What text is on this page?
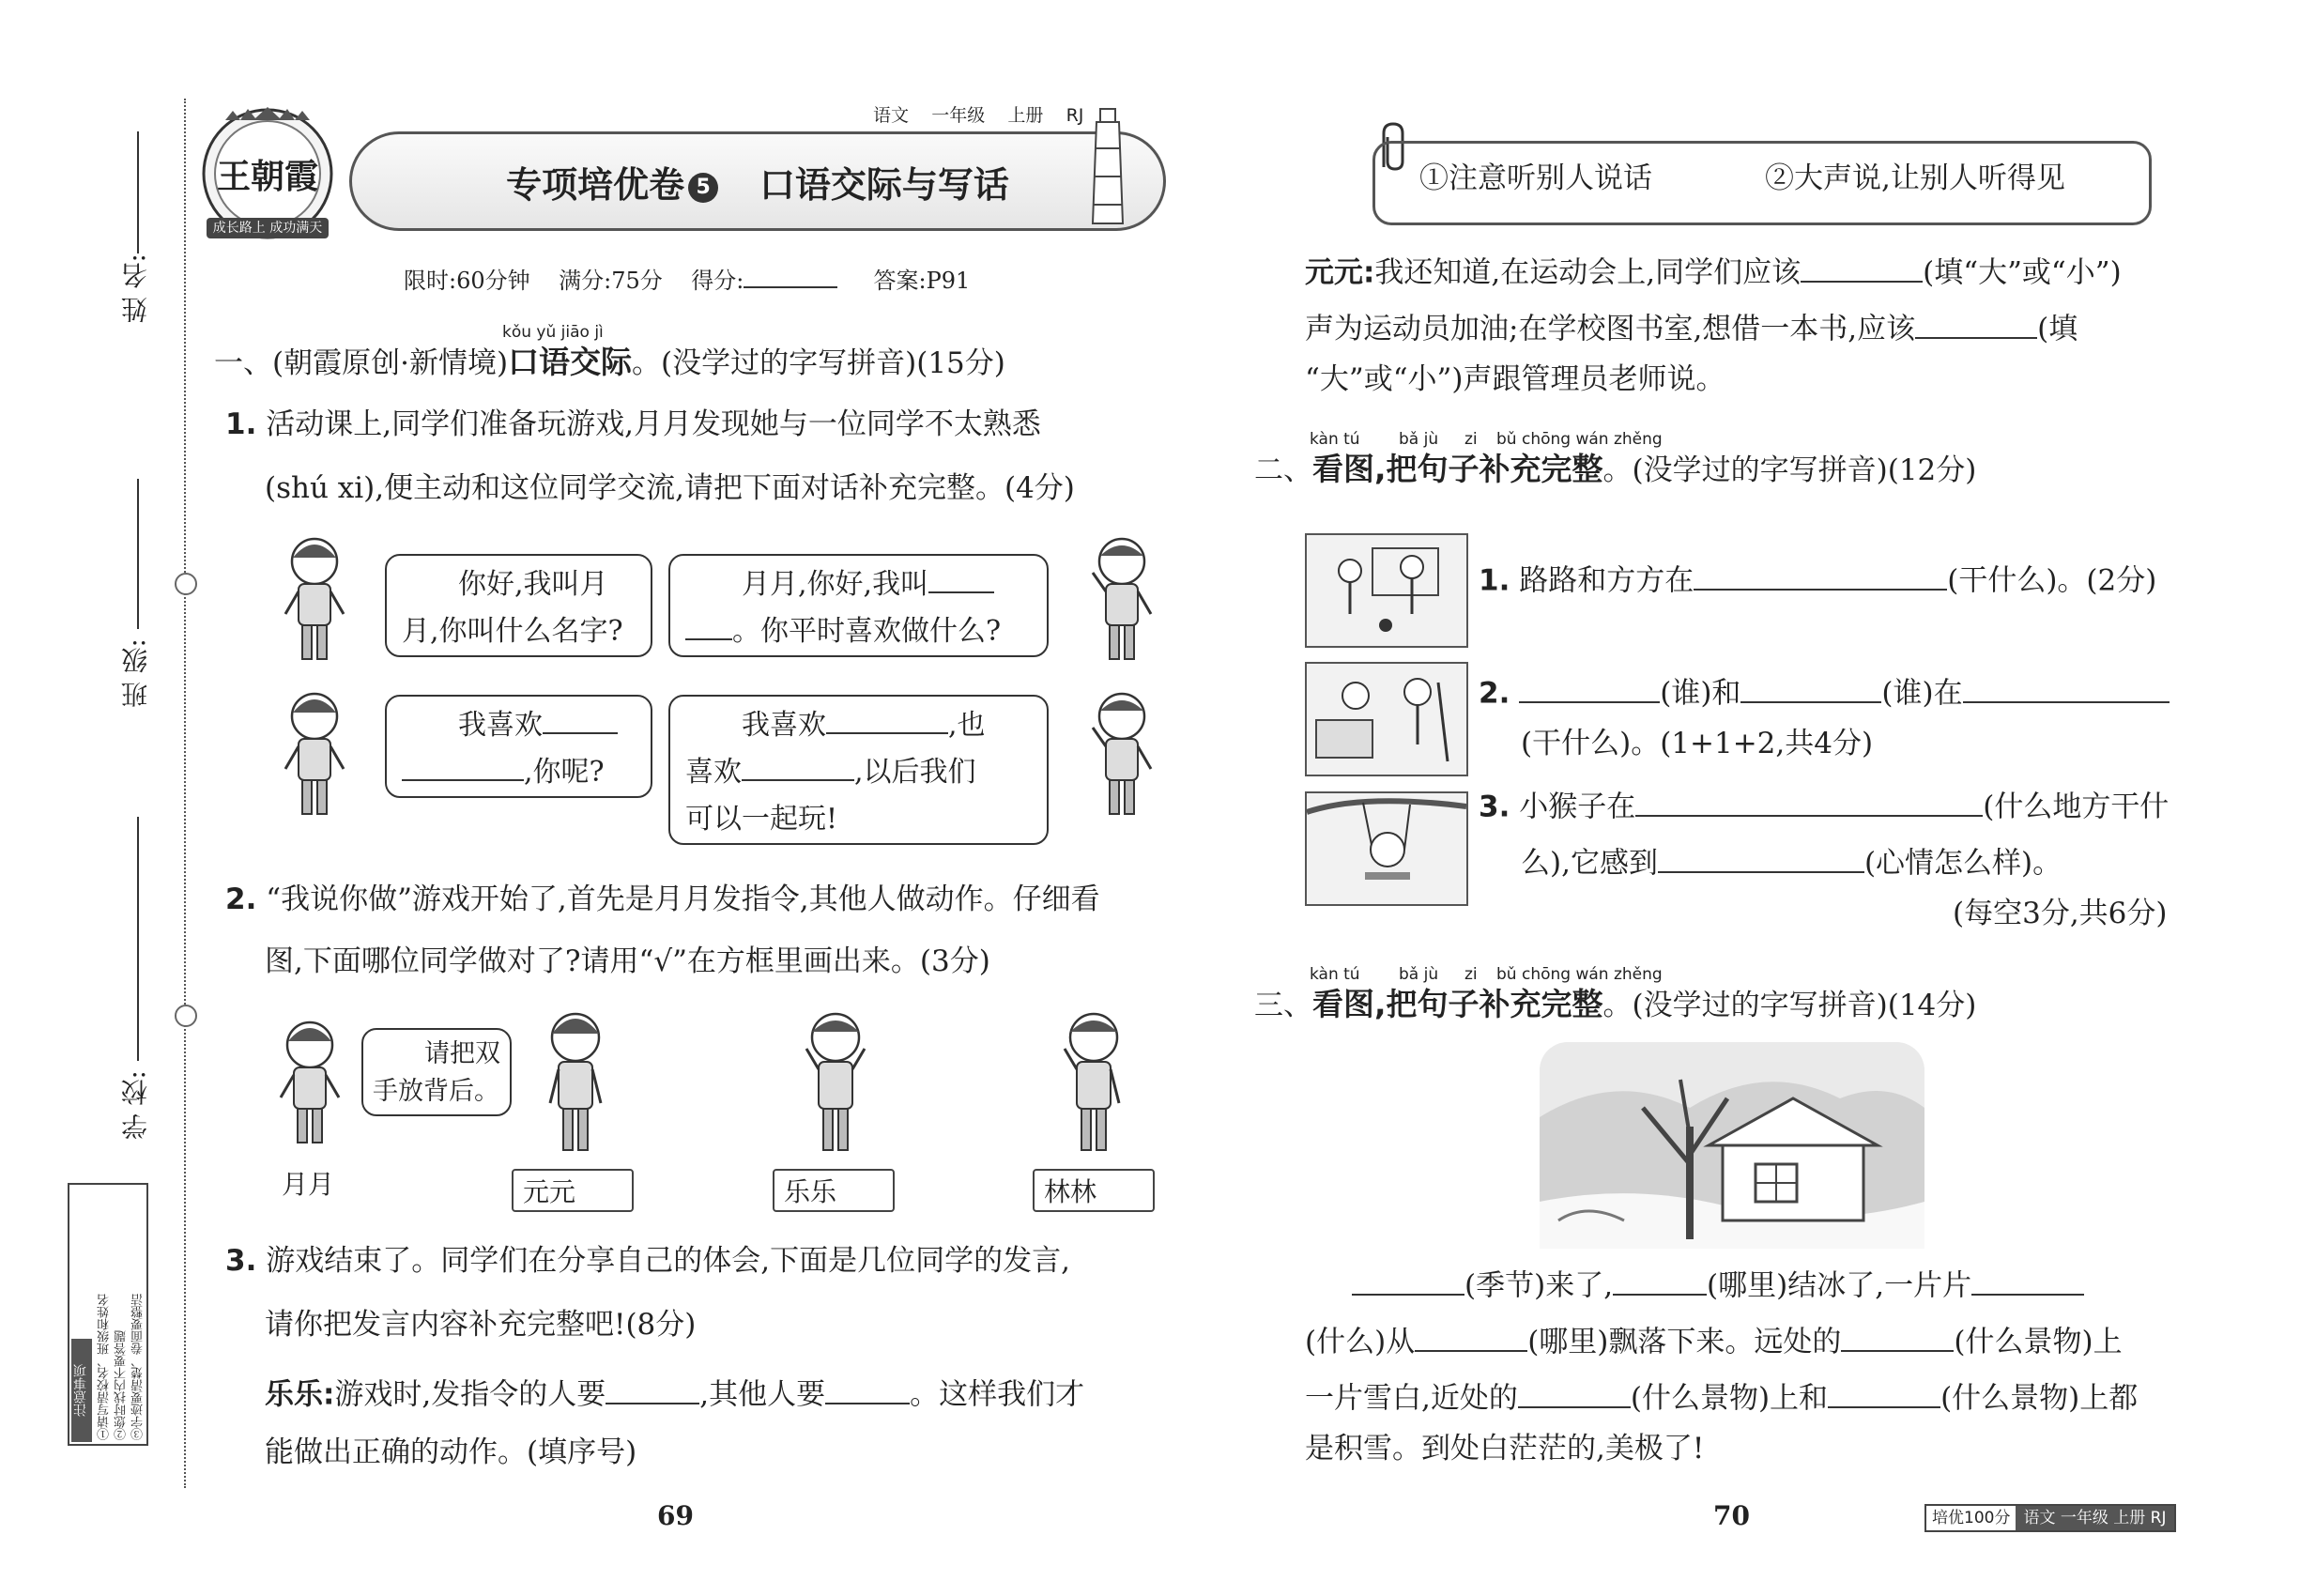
姓 名:
班 级:
学 校:
注意事项 ①请写清校名、班级和姓名 ②您时找内不要答题 ③字迹要清楚、卷面要整洁
王朝霞
成长路上 成功满天
语文 一年级 上册 RJ
专项培优卷 5 口语交际与写话
限时:60分钟 满分:75分 得分:	答案:P91
kǒu yǔ jiāo jì
一、(朝霞原创·新情境)口语交际。(没学过的字写拼音)(15分)
1. 活动课上,同学们准备玩游戏,月月发现她与一位同学不太熟悉
(shú xi),便主动和这位同学交流,请把下面对话补充完整。(4分)
你好,我叫月
月,你叫什么名字?
月月,你好,我叫
。你平时喜欢做什么?
我喜欢
,你呢?
我喜欢	,也
喜欢	,以后我们
可以一起玩!
2. “我说你做”游戏开始了,首先是月月发指令,其他人做动作。仔细看
图,下面哪位同学做对了?请用“√”在方框里画出来。(3分)
请把双
手放背后。
月月	元元	乐乐	林林
3. 游戏结束了。同学们在分享自己的体会,下面是几位同学的发言,
请你把发言内容补充完整吧!(8分)
乐乐:游戏时,发指令的人要	,其他人要	。这样我们才
能做出正确的动作。(填序号)
69
①注意听别人说话	②大声说,让别人听得见
元元:我还知道,在运动会上,同学们应该	(填“大”或“小”)
声为运动员加油;在学校图书室,想借一本书,应该	(填
“大”或“小”)声跟管理员老师说。
kàn tú bǎ jù zi bǔ chōng wán zhěng
二、看图,把句子补充完整。(没学过的字写拼音)(12分)
1. 路路和方方在	(干什么)。(2分)
2.	(谁)和	(谁)在
(干什么)。(1+1+2,共4分)
3. 小猴子在	(什么地方干什
么),它感到	(心情怎么样)。
(每空3分,共6分)
kàn tú bǎ jù zi bǔ chōng wán zhěng
三、看图,把句子补充完整。(没学过的字写拼音)(14分)
(季节)来了,	(哪里)结冰了,一片片
(什么)从	(哪里)飘落下来。远处的	(什么景物)上
一片雪白,近处的	(什么景物)上和	(什么景物)上都
是积雪。到处白茫茫的,美极了!
70	培优100分 语文 一年级 上册 RJ
